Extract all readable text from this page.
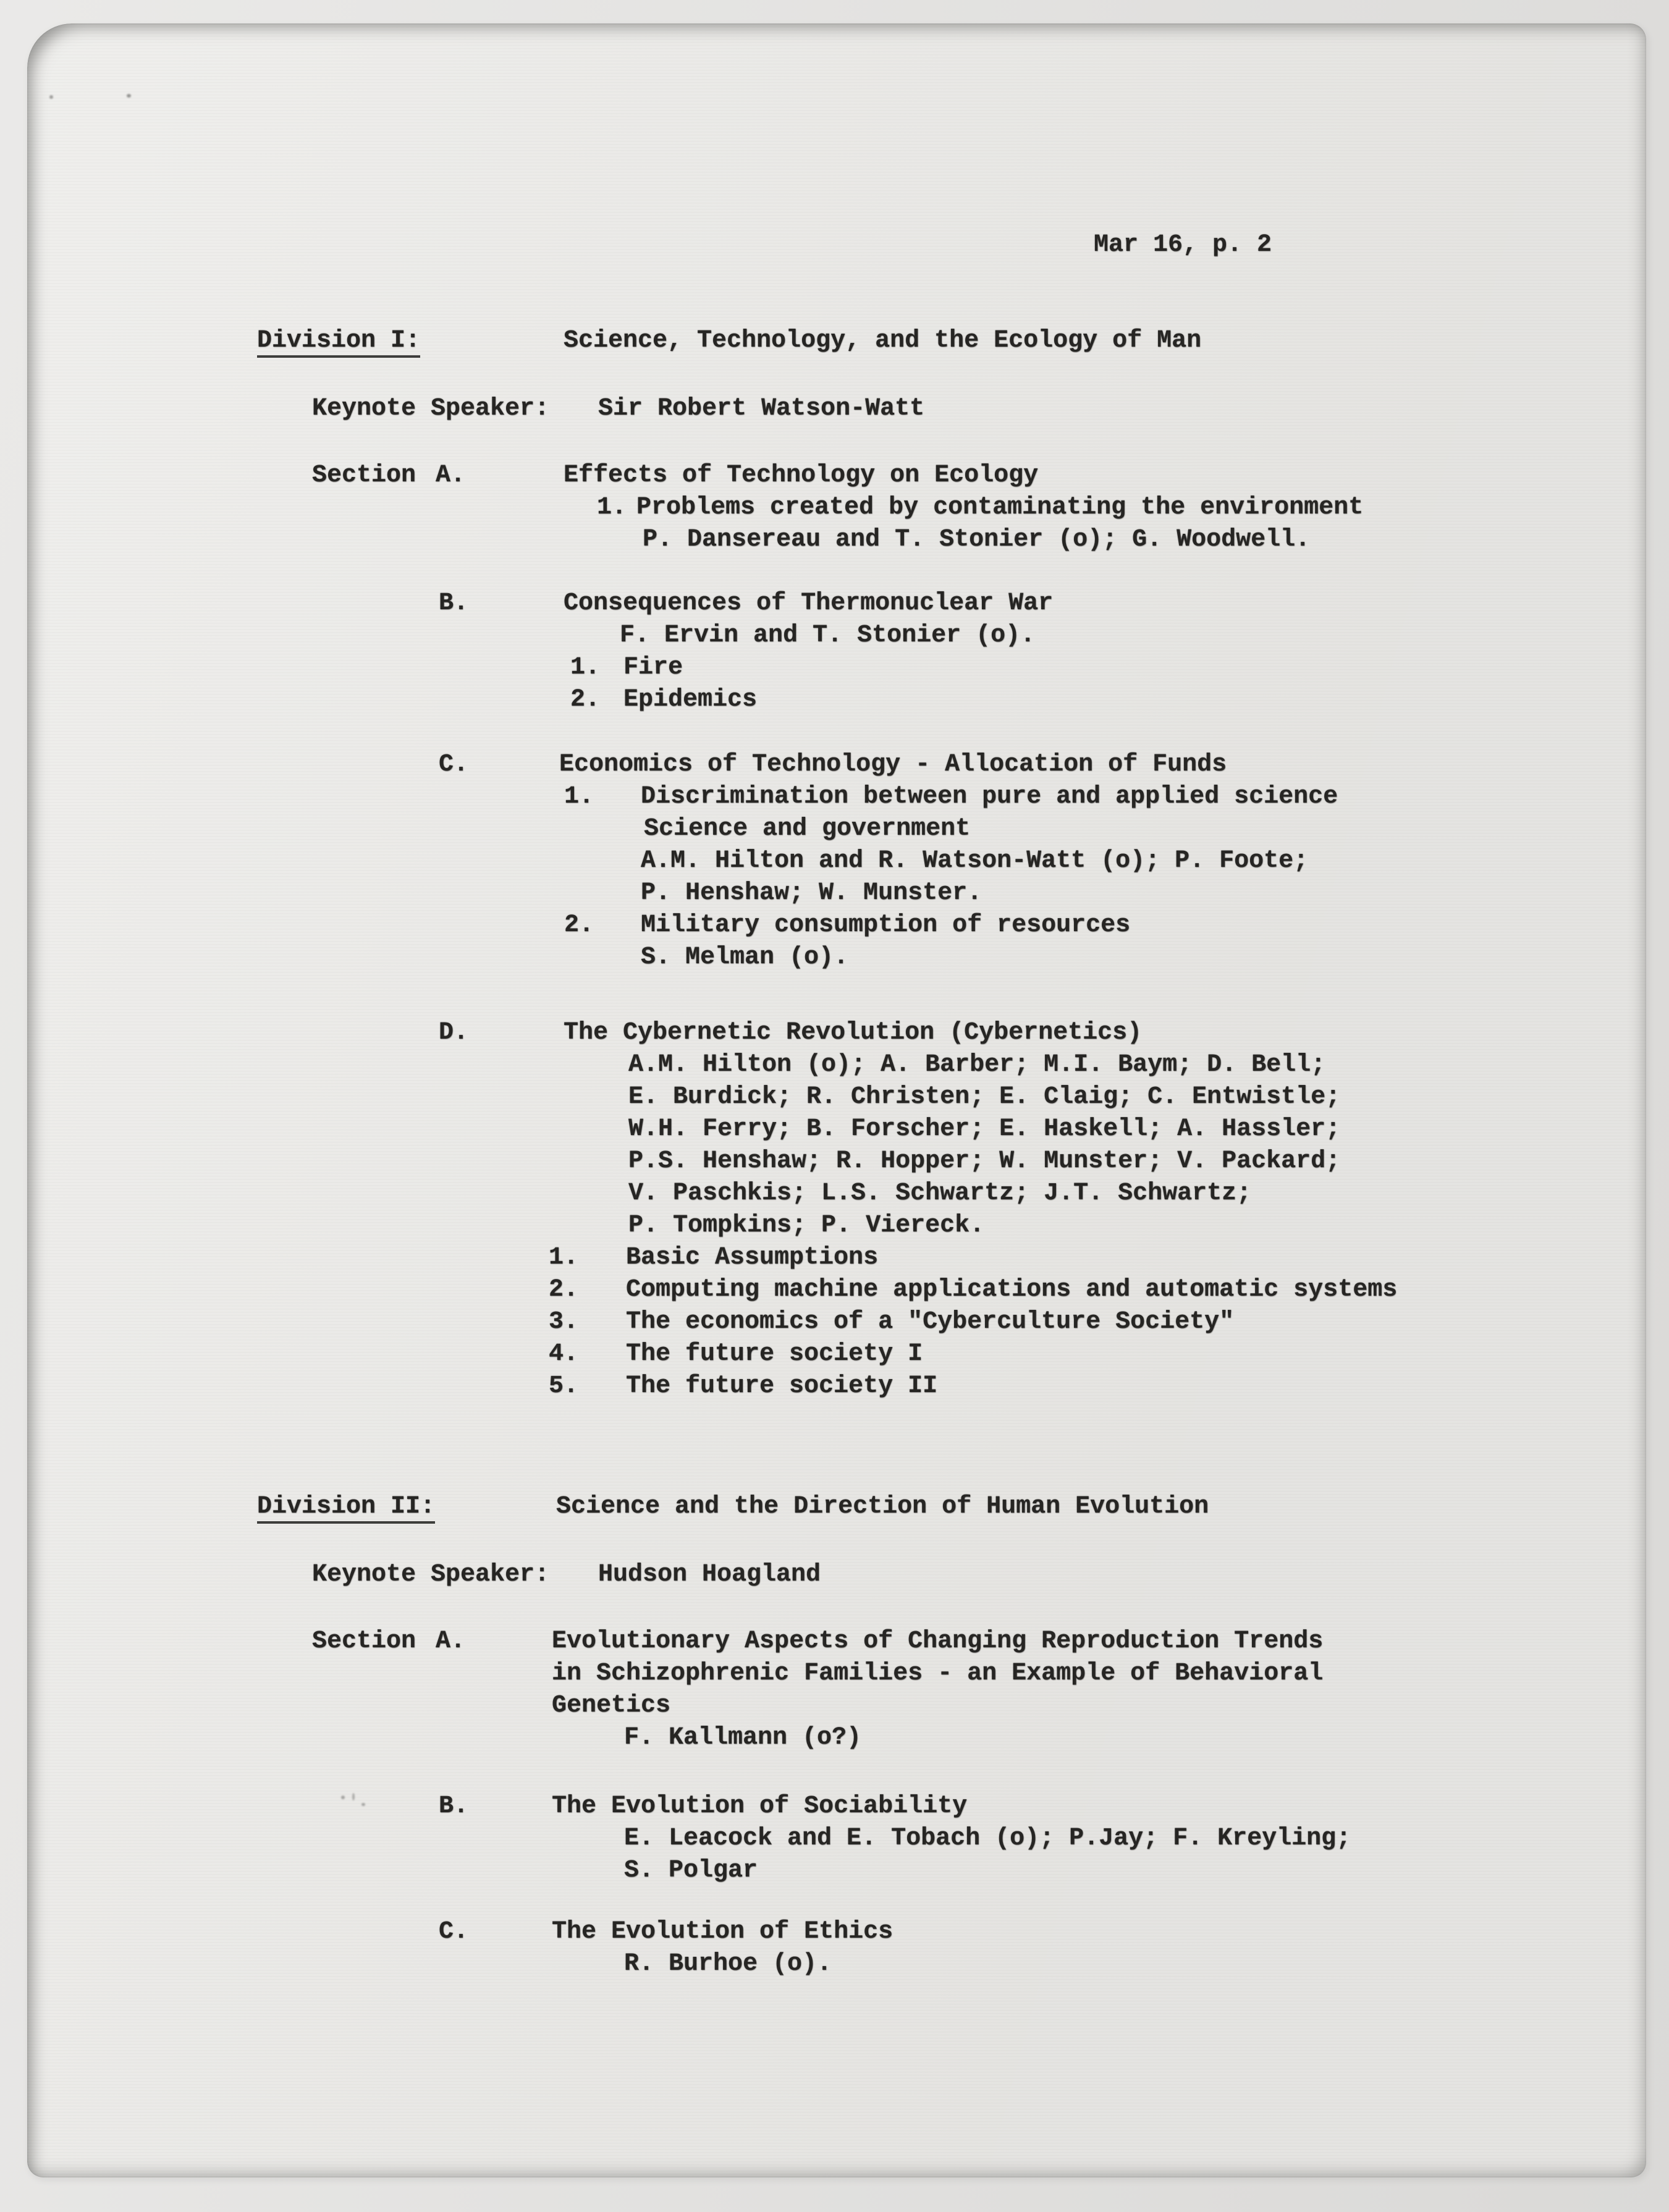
Mar 16, p. 2
Division I:	Science, Technology, and the Ecology of Man
Keynote Speaker: Sir Robert Watson-Watt
Section A.	Effects of Technology on Ecology
1. Problems created by contaminating the environment
P. Dansereau and T. Stonier (o); G. Woodwell.
B.	Consequences of Thermonuclear War
F. Ervin and T. Stonier (o).
1. Fire
2. Epidemics
C.	Economics of Technology - Allocation of Funds
1. Discrimination between pure and applied science
Science and government
A.M. Hilton and R. Watson-Watt (o); P. Foote;
P. Henshaw; W. Munster.
2. Military consumption of resources
S. Melman (o).
D.	The Cybernetic Revolution (Cybernetics)
A.M. Hilton (o); A. Barber; M.I. Baym; D. Bell;
E. Burdick; R. Christen; E. Claig; C. Entwistle;
W.H. Ferry; B. Forscher; E. Haskell; A. Hassler;
P.S. Henshaw; R. Hopper; W. Munster; V. Packard;
V. Paschkis; L.S. Schwartz; J.T. Schwartz;
P. Tompkins; P. Viereck.
1. Basic Assumptions
2. Computing machine applications and automatic systems
3. The economics of a "Cyberculture Society"
4. The future society I
5. The future society II
Division II:	Science and the Direction of Human Evolution
Keynote Speaker: Hudson Hoagland
Section A.	Evolutionary Aspects of Changing Reproduction Trends
in Schizophrenic Families - an Example of Behavioral
Genetics
F. Kallmann (o?)
B.	The Evolution of Sociability
E. Leacock and E. Tobach (o); P.Jay; F. Kreyling;
S. Polgar
C.	The Evolution of Ethics
R. Burhoe (o).
